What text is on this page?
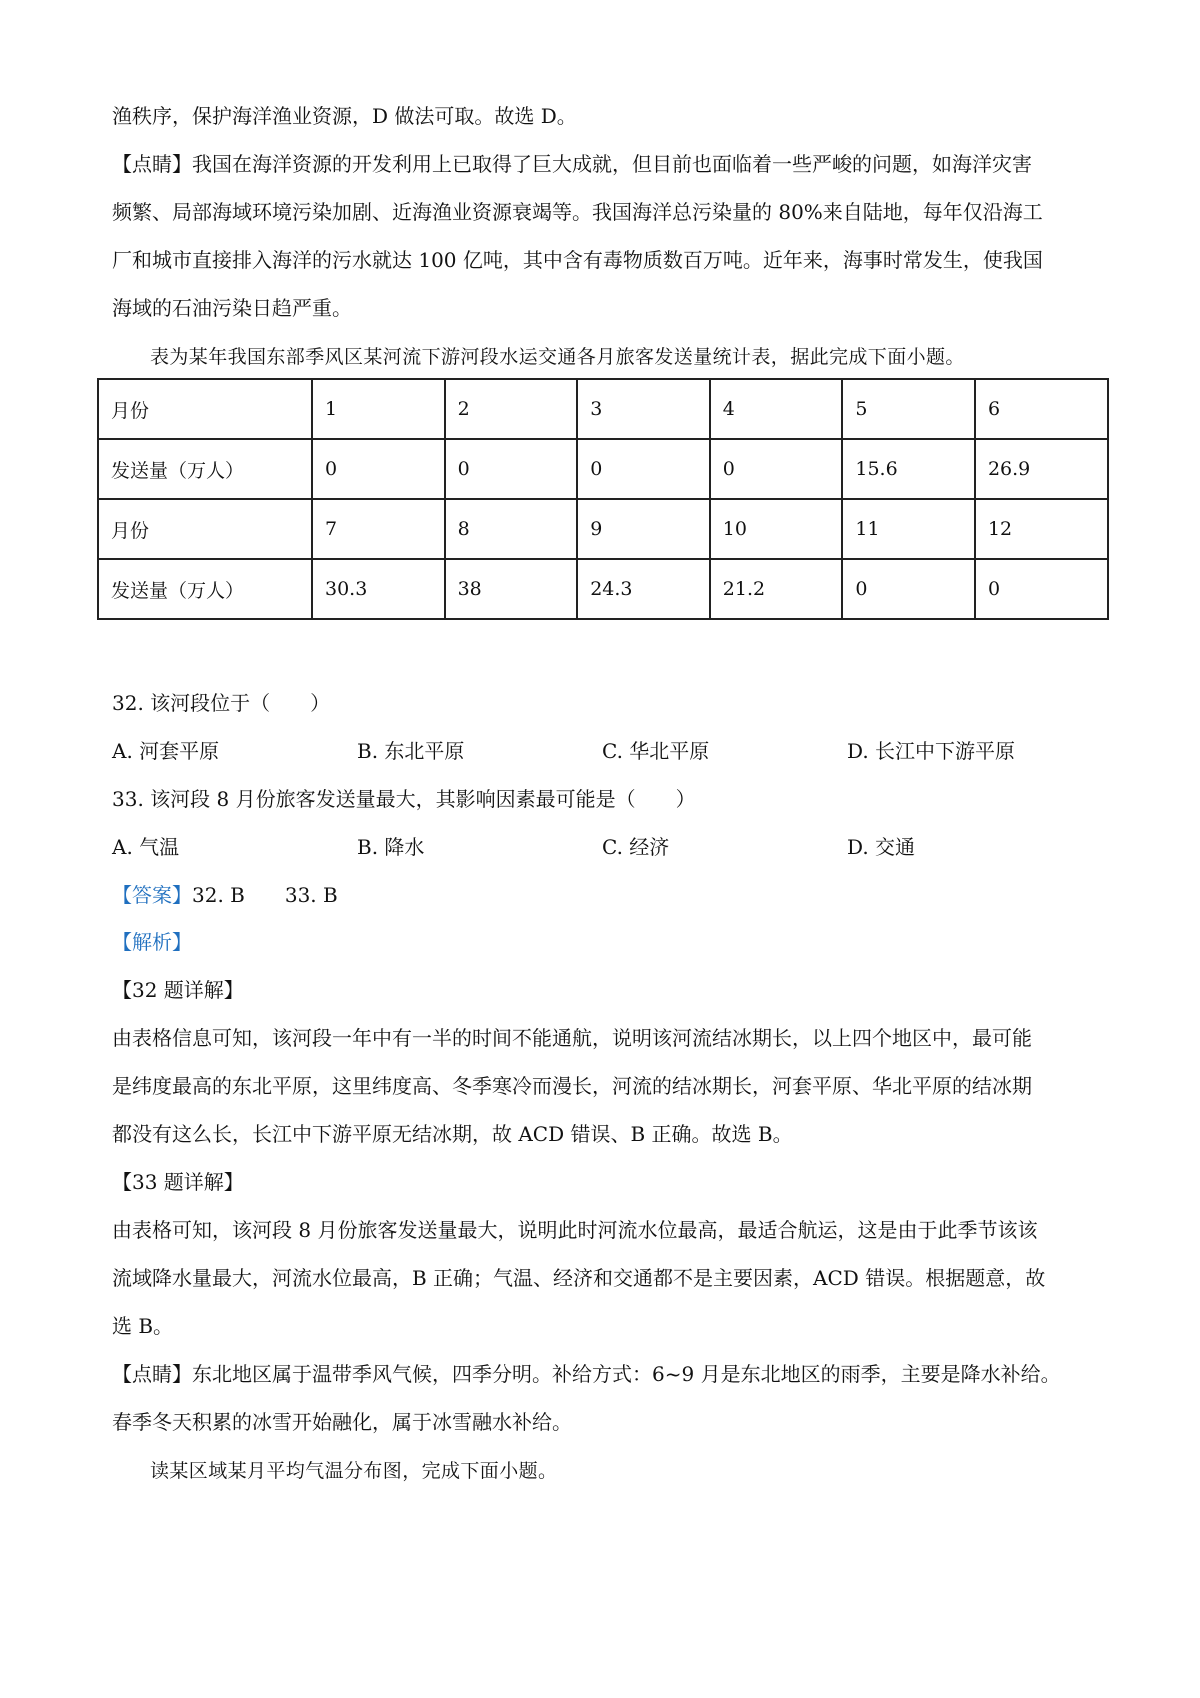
渔秩序，保护海洋渔业资源，D 做法可取。故选 D。
【点睛】我国在海洋资源的开发利用上已取得了巨大成就，但目前也面临着一些严峻的问题，如海洋灾害
频繁、局部海域环境污染加剧、近海渔业资源衰竭等。我国海洋总污染量的 80%来自陆地，每年仅沿海工
厂和城市直接排入海洋的污水就达 100 亿吨，其中含有毒物质数百万吨。近年来，海事时常发生，使我国
海域的石油污染日趋严重。
表为某年我国东部季风区某河流下游河段水运交通各月旅客发送量统计表，据此完成下面小题。
月份	1	2	3	4	5	6
发送量（万人）	0	0	0	0	15.6	26.9
月份	7	8	9	10	11	12
发送量（万人）	30.3	38	24.3	21.2	0	0
32. 该河段位于（　　）
A. 河套平原	B. 东北平原	C. 华北平原	D. 长江中下游平原
33. 该河段 8 月份旅客发送量最大，其影响因素最可能是（　　）
A. 气温	B. 降水	C. 经济	D. 交通
【答案】32. B　　33. B
【解析】
【32 题详解】
由表格信息可知，该河段一年中有一半的时间不能通航，说明该河流结冰期长，以上四个地区中，最可能
是纬度最高的东北平原，这里纬度高、冬季寒冷而漫长，河流的结冰期长，河套平原、华北平原的结冰期
都没有这么长，长江中下游平原无结冰期，故 ACD 错误、B 正确。故选 B。
【33 题详解】
由表格可知，该河段 8 月份旅客发送量最大，说明此时河流水位最高，最适合航运，这是由于此季节该该
流域降水量最大，河流水位最高，B 正确；气温、经济和交通都不是主要因素，ACD 错误。根据题意，故
选 B。
【点睛】东北地区属于温带季风气候，四季分明。补给方式：6~9 月是东北地区的雨季，主要是降水补给。
春季冬天积累的冰雪开始融化，属于冰雪融水补给。
读某区域某月平均气温分布图，完成下面小题。
